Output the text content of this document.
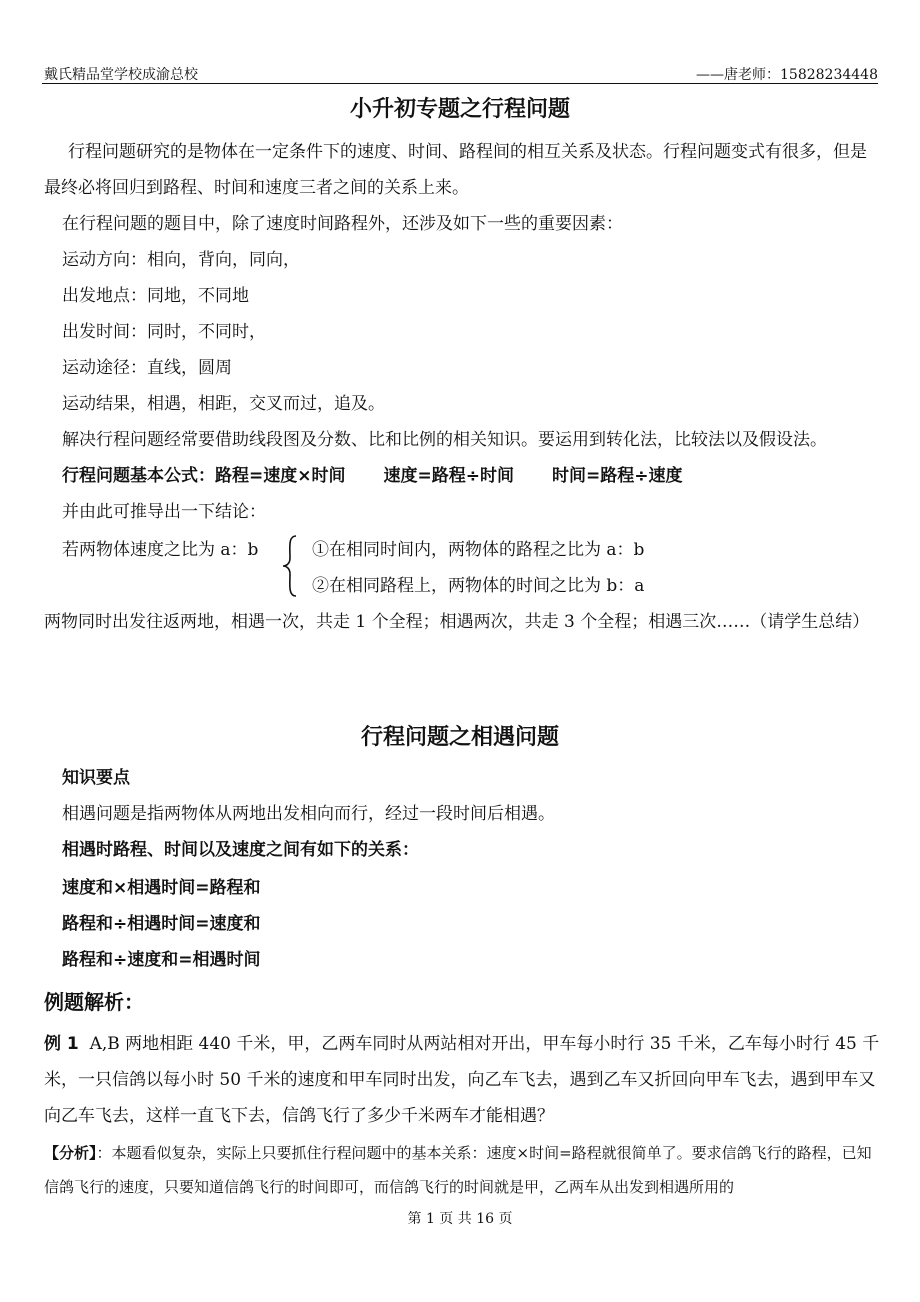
戴氏精品堂学校成渝总校	——唐老师：15828234448
小升初专题之行程问题
行程问题研究的是物体在一定条件下的速度、时间、路程间的相互关系及状态。行程问题变式有很多，但是最终必将回归到路程、时间和速度三者之间的关系上来。
在行程问题的题目中，除了速度时间路程外，还涉及如下一些的重要因素：
运动方向：相向，背向，同向，
出发地点：同地，不同地
出发时间：同时，不同时，
运动途径：直线，圆周
运动结果，相遇，相距，交叉而过，追及。
解决行程问题经常要借助线段图及分数、比和比例的相关知识。要运用到转化法，比较法以及假设法。
行程问题基本公式：路程=速度×时间 速度=路程÷时间 时间=路程÷速度
并由此可推导出一下结论：
若两物体速度之比为 a：b	①在相同时间内，两物体的路程之比为 a：b
②在相同路程上，两物体的时间之比为 b：a
两物同时出发往返两地，相遇一次，共走 1 个全程；相遇两次，共走 3 个全程；相遇三次……（请学生总结）
行程问题之相遇问题
知识要点
相遇问题是指两物体从两地出发相向而行，经过一段时间后相遇。
相遇时路程、时间以及速度之间有如下的关系：
速度和×相遇时间=路程和
路程和÷相遇时间=速度和
路程和÷速度和=相遇时间
例题解析：
例 1 A,B 两地相距 440 千米，甲，乙两车同时从两站相对开出，甲车每小时行 35 千米，乙车每小时行 45 千米，一只信鸽以每小时 50 千米的速度和甲车同时出发，向乙车飞去，遇到乙车又折回向甲车飞去，遇到甲车又向乙车飞去，这样一直飞下去，信鸽飞行了多少千米两车才能相遇？
【分析】：本题看似复杂，实际上只要抓住行程问题中的基本关系：速度×时间=路程就很简单了。要求信鸽飞行的路程，已知信鸽飞行的速度，只要知道信鸽飞行的时间即可，而信鸽飞行的时间就是甲，乙两车从出发到相遇所用的
第 1 页 共 16 页
